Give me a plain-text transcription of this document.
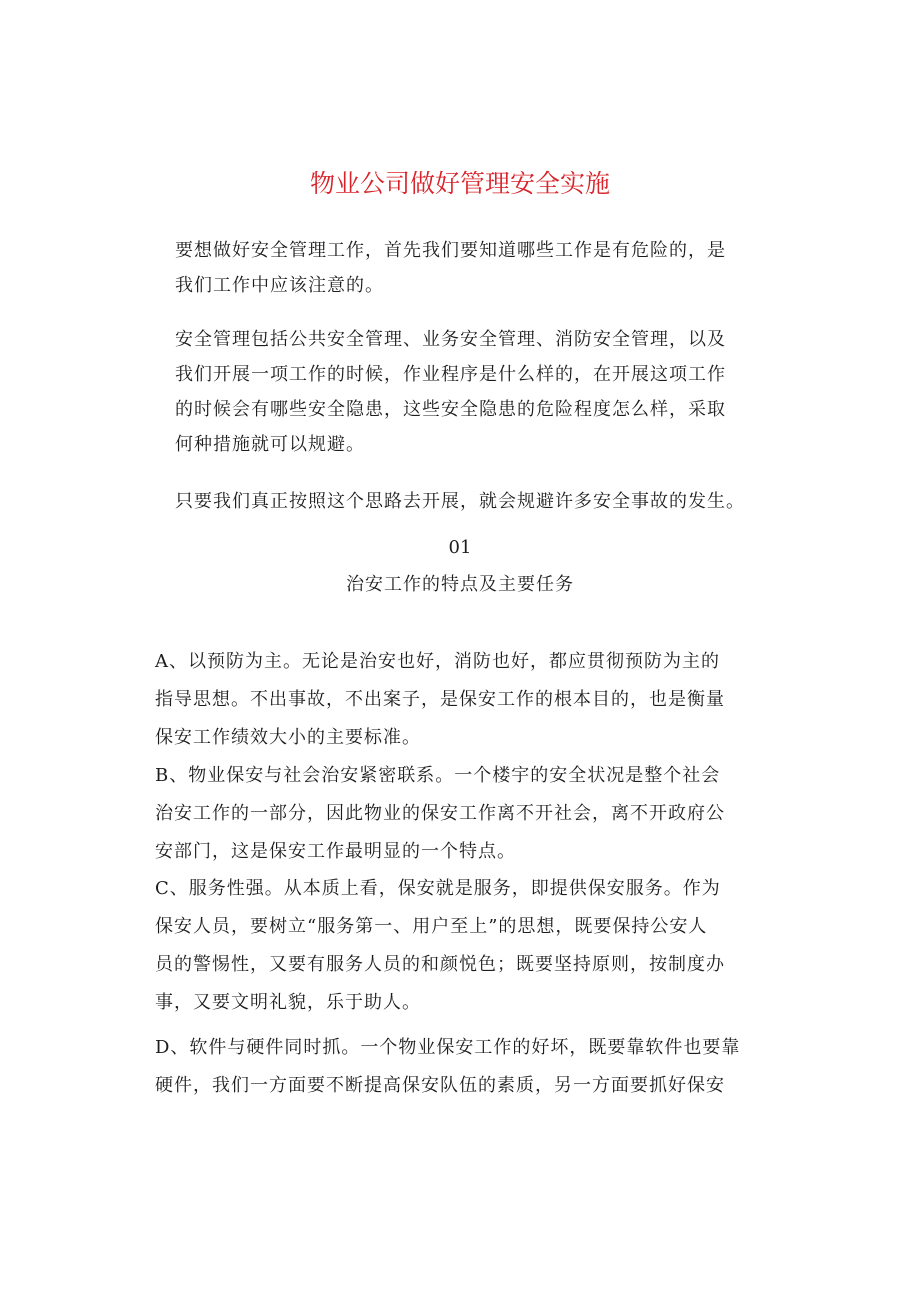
物业公司做好管理安全实施
要想做好安全管理工作，首先我们要知道哪些工作是有危险的，是
我们工作中应该注意的。
安全管理包括公共安全管理、业务安全管理、消防安全管理，以及
我们开展一项工作的时候，作业程序是什么样的，在开展这项工作
的时候会有哪些安全隐患，这些安全隐患的危险程度怎么样，采取
何种措施就可以规避。
只要我们真正按照这个思路去开展，就会规避许多安全事故的发生。
01
治安工作的特点及主要任务
A、以预防为主。无论是治安也好，消防也好，都应贯彻预防为主的
指导思想。不出事故，不出案子，是保安工作的根本目的，也是衡量
保安工作绩效大小的主要标准。
B、物业保安与社会治安紧密联系。一个楼宇的安全状况是整个社会
治安工作的一部分，因此物业的保安工作离不开社会，离不开政府公
安部门，这是保安工作最明显的一个特点。
C、服务性强。从本质上看，保安就是服务，即提供保安服务。作为
保安人员，要树立“服务第一、用户至上”的思想，既要保持公安人
员的警惕性，又要有服务人员的和颜悦色；既要坚持原则，按制度办
事，又要文明礼貌，乐于助人。
D、软件与硬件同时抓。一个物业保安工作的好坏，既要靠软件也要靠
硬件，我们一方面要不断提高保安队伍的素质，另一方面要抓好保安
